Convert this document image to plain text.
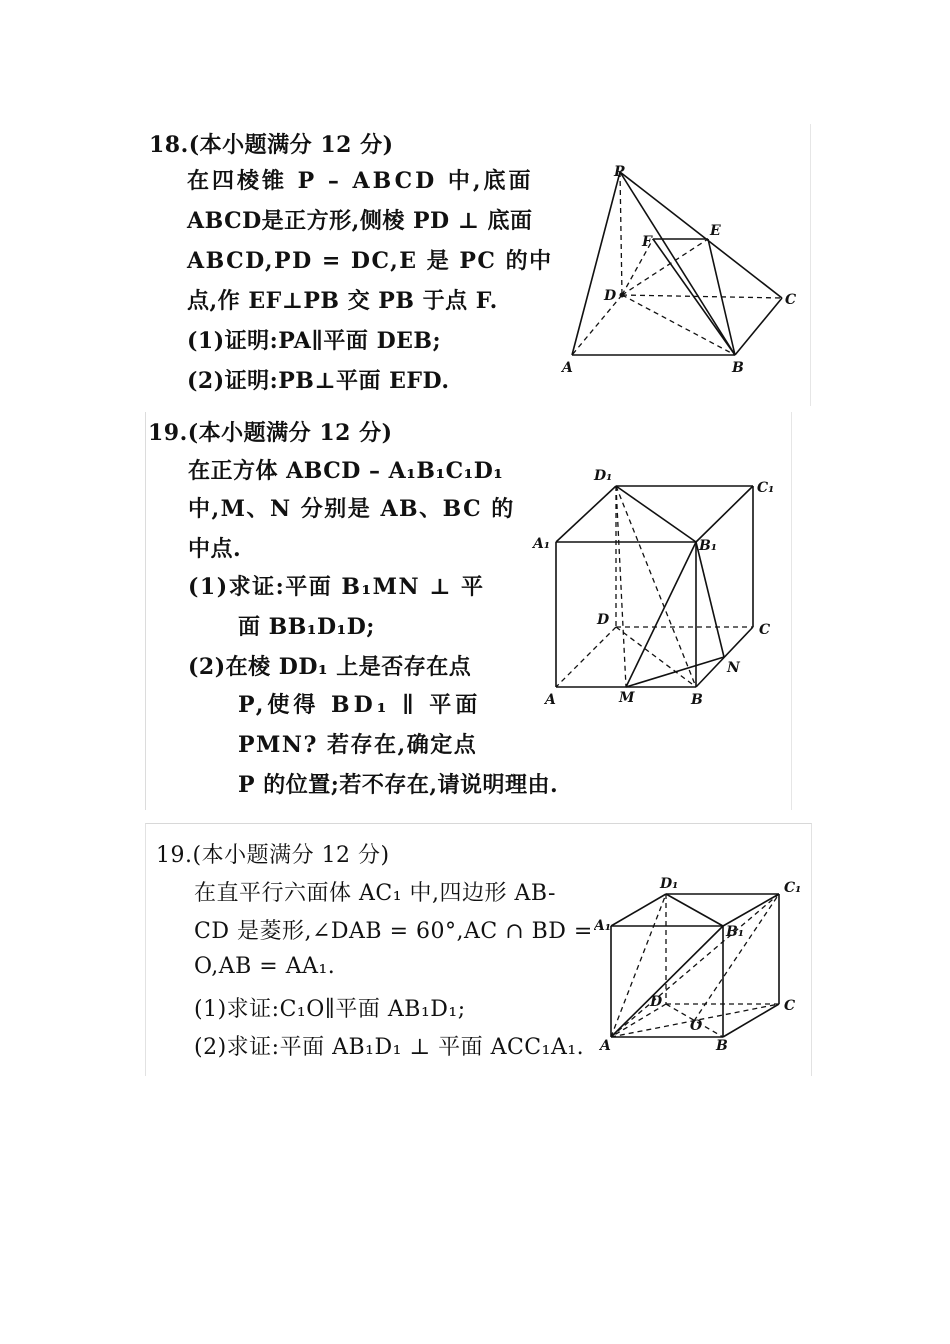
18.(本小题满分 12 分)
在四棱锥 P – ABCD 中,底面
ABCD是正方形,侧棱 PD ⊥ 底面
ABCD,PD = DC,E 是 PC 的中
点,作 EF⊥PB 交 PB 于点 F.
(1)证明:PA∥平面 DEB;
(2)证明:PB⊥平面 EFD.
P
A	B
C
D
E
F
19.(本小题满分 12 分)
在正方体 ABCD – A₁B₁C₁D₁
中,M、N 分别是 AB、BC 的
中点.
(1)求证:平面 B₁MN ⊥ 平
面 BB₁D₁D;
(2)在棱 DD₁ 上是否存在点
P,使得 BD₁ ∥ 平面
PMN? 若存在,确定点
P 的位置;若不存在,请说明理由.
D₁
C₁
A₁	B₁
D
C
N
A	M	B
19.(本小题满分 12 分)
在直平行六面体 AC₁ 中,四边形 AB-
CD 是菱形,∠DAB = 60°,AC ∩ BD =
O,AB = AA₁.
(1)求证:C₁O∥平面 AB₁D₁;
(2)求证:平面 AB₁D₁ ⊥ 平面 ACC₁A₁.
D₁	C₁
A₁	B₁
D	C
O
A	B
